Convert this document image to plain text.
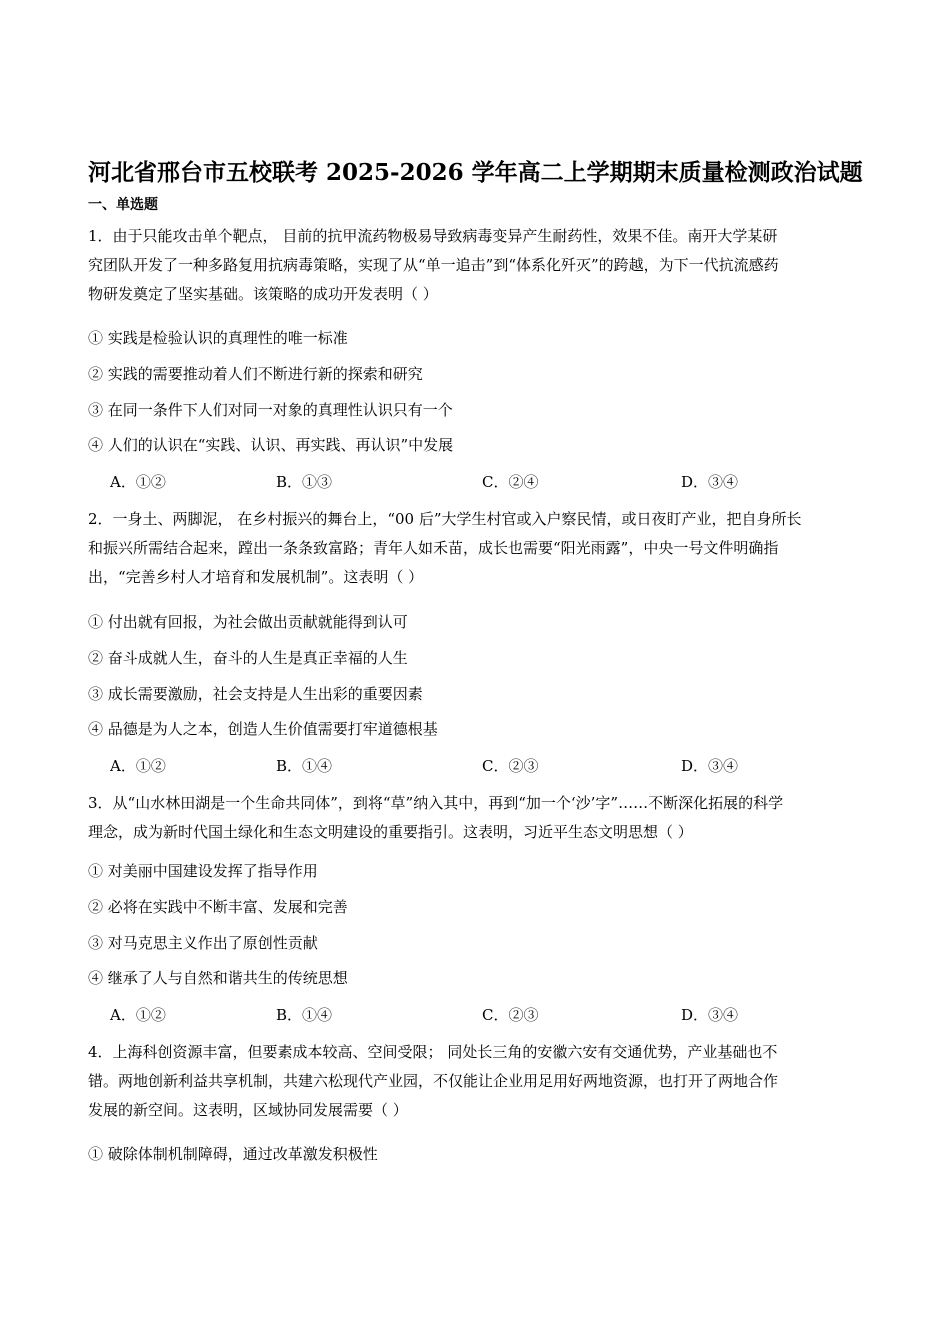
河北省邢台市五校联考 2025-2026 学年高二上学期期末质量检测政治试题
一、单选题
1．由于只能攻击单个靶点， 目前的抗甲流药物极易导致病毒变异产生耐药性，效果不佳。南开大学某研
究团队开发了一种多路复用抗病毒策略，实现了从“单一追击”到“体系化歼灭”的跨越，为下一代抗流感药
物研发奠定了坚实基础。该策略的成功开发表明（ ）
① 实践是检验认识的真理性的唯一标准
② 实践的需要推动着人们不断进行新的探索和研究
③ 在同一条件下人们对同一对象的真理性认识只有一个
④ 人们的认识在“实践、认识、再实践、再认识”中发展
A．①②	B．①③	C．②④	D．③④
2．一身土、两脚泥， 在乡村振兴的舞台上，“00 后”大学生村官或入户察民情，或日夜盯产业，把自身所长
和振兴所需结合起来，蹚出一条条致富路；青年人如禾苗，成长也需要“阳光雨露”，中央一号文件明确指
出，“完善乡村人才培育和发展机制”。这表明（ ）
① 付出就有回报，为社会做出贡献就能得到认可
② 奋斗成就人生，奋斗的人生是真正幸福的人生
③ 成长需要激励，社会支持是人生出彩的重要因素
④ 品德是为人之本，创造人生价值需要打牢道德根基
A．①②	B．①④	C．②③	D．③④
3．从“山水林田湖是一个生命共同体”，到将“草”纳入其中，再到“加一个‘沙’字”……不断深化拓展的科学
理念，成为新时代国土绿化和生态文明建设的重要指引。这表明，习近平生态文明思想（ ）
① 对美丽中国建设发挥了指导作用
② 必将在实践中不断丰富、发展和完善
③ 对马克思主义作出了原创性贡献
④ 继承了人与自然和谐共生的传统思想
A．①②	B．①④	C．②③	D．③④
4．上海科创资源丰富，但要素成本较高、空间受限； 同处长三角的安徽六安有交通优势，产业基础也不
错。两地创新利益共享机制，共建六松现代产业园，不仅能让企业用足用好两地资源，也打开了两地合作
发展的新空间。这表明，区域协同发展需要（ ）
① 破除体制机制障碍，通过改革激发积极性
